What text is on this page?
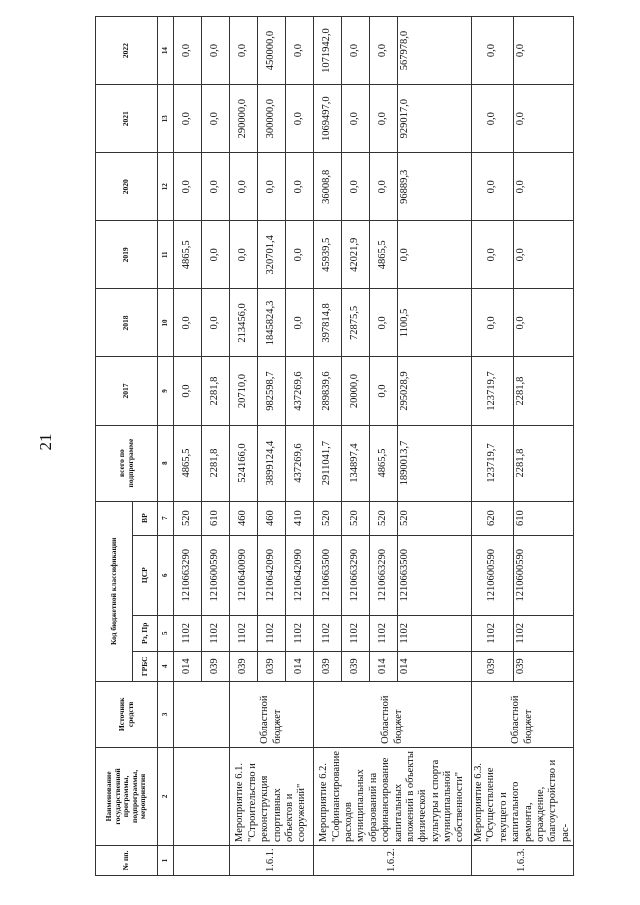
21
№ пп.	Наименование государственной программы, подпрограммы, мероприятия	Источник средств	Код бюджетной классификации				всего по подпрограмме	2017	2018	2019	2020	2021	2022
			ГРБС	Рз, Пр	ЦСР	ВР							
1	2	3	4	5	6	7	8	9	10	11	12	13	14
			014	1102	1210663290	520	4865,5	0,0	0,0	4865,5	0,0	0,0	0,0
			039	1102	1210600590	610	2281,8	2281,8	0,0	0,0	0,0	0,0	0,0
1.6.1.	Мероприятие 6.1. "Строительство и реконструкция спортивных объектов и сооружений"	Областной бюджет	039	1102	1210640090	460	524166,0	20710,0	213456,0	0,0	0,0	290000,0	0,0
			039	1102	1210642090	460	3899124,4	982598,7	1845824,3	320701,4	0,0	300000,0	450000,0
			014	1102	1210642090	410	437269,6	437269,6	0,0	0,0	0,0	0,0	0,0
1.6.2.	Мероприятие 6.2. "Софинансирование расходов муниципальных образований на софинансирование капитальных вложений в объекты физической культуры и спорта муниципальной собственности"	Областной бюджет	039	1102	1210663500	520	2911041,7	289839,6	397814,8	45939,5	36008,8	1069497,0	1071942,0
			039	1102	1210663290	520	134897,4	20000,0	72875,5	42021,9	0,0	0,0	0,0
			014	1102	1210663290	520	4865,5	0,0	0,0	4865,5	0,0	0,0	0,0
			014	1102	1210663500	520	1890013,7	295028,9	1100,5	0,0	96889,3	929017,0	567978,0
1.6.3.	Мероприятие 6.3. "Осуществление текущего и капитального ремонта, ограждение, благоустройство и рас-	Областной бюджет	039	1102	1210600590	620	123719,7	123719,7	0,0	0,0	0,0	0,0	0,0
			039	1102	1210600590	610	2281,8	2281,8	0,0	0,0	0,0	0,0	0,0
